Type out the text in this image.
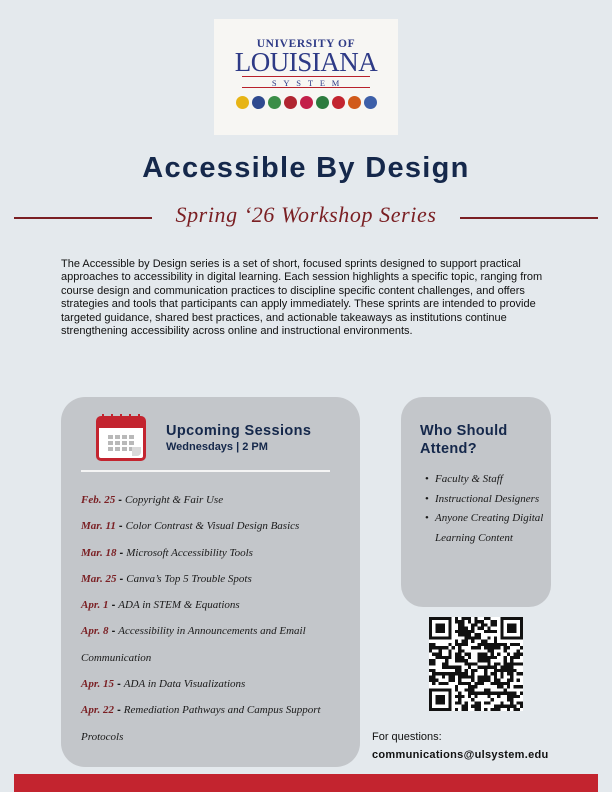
UNIVERSITY OF
LOUISIANA
SYSTEM
Accessible By Design
Spring ‘26 Workshop Series
The Accessible by Design series is a set of short, focused sprints designed to support practical approaches to accessibility in digital learning. Each session highlights a specific topic, ranging from course design and communication practices to discipline specific content challenges, and offers strategies and tools that participants can apply immediately. These sprints are intended to provide targeted guidance, shared best practices, and actionable takeaways as institutions continue strengthening accessibility across online and instructional environments.
Upcoming Sessions
Wednesdays | 2 PM
Feb. 25 - Copyright & Fair Use
Mar. 11 - Color Contrast & Visual Design Basics
Mar. 18 - Microsoft Accessibility Tools
Mar. 25 - Canva’s Top 5 Trouble Spots
Apr. 1 - ADA in STEM & Equations
Apr. 8 - Accessibility in Announcements and Email Communication
Apr. 15 - ADA in Data Visualizations
Apr. 22 - Remediation Pathways and Campus Support Protocols
Who Should Attend?
• Faculty & Staff
• Instructional Designers
• Anyone Creating Digital Learning Content
For questions:
communications@ulsystem.edu
